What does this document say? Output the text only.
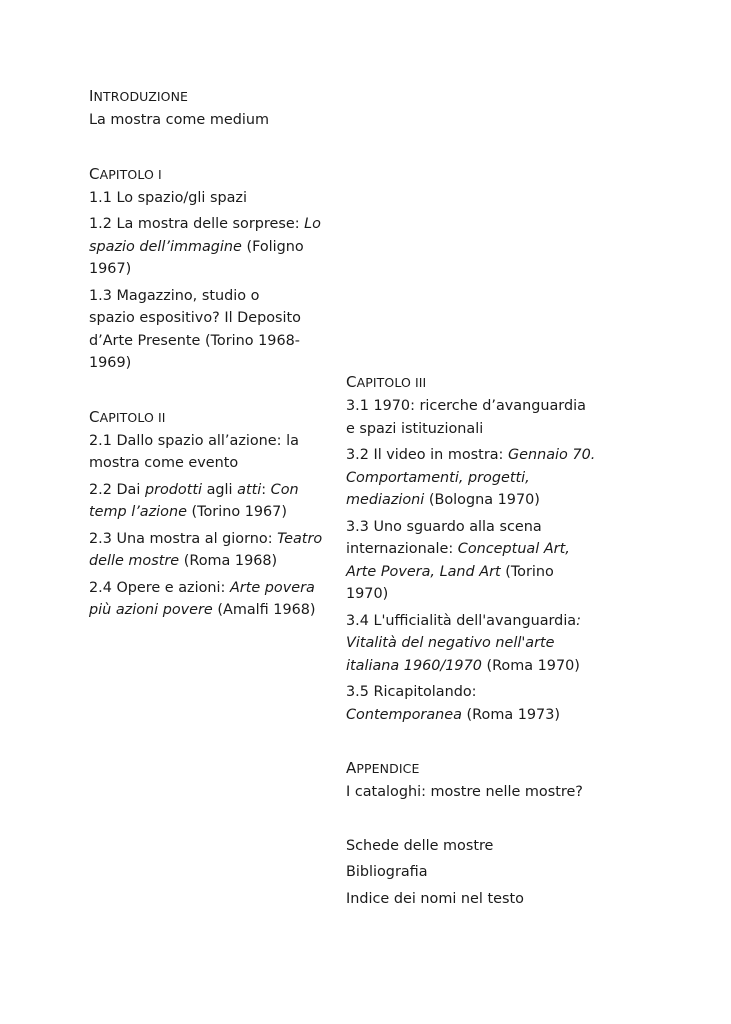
INTRODUZIONE

La mostra come medium

CAPITOLO I

1.1 Lo spazio/gli spazi

1.2 La mostra delle sorprese: Lo spazio dell’immagine (Foligno 1967)

1.3 Magazzino, studio o spazio espositivo? Il Deposito d’Arte Presente (Torino 1968-1969)

CAPITOLO II

2.1 Dallo spazio all’azione: la mostra come evento

2.2 Dai prodotti agli atti: Con temp l’azione (Torino 1967)

2.3 Una mostra al giorno: Teatro delle mostre (Roma 1968)

2.4 Opere e azioni: Arte povera più azioni povere (Amalfi 1968)

CAPITOLO III

3.1 1970: ricerche d’avanguardia e spazi istituzionali

3.2 Il video in mostra: Gennaio 70. Comportamenti, progetti, mediazioni (Bologna 1970)

3.3 Uno sguardo alla scena internazionale: Conceptual Art, Arte Povera, Land Art (Torino 1970)

3.4 L'ufficialità dell'avanguardia: Vitalità del negativo nell'arte italiana 1960/1970 (Roma 1970)

3.5 Ricapitolando: Contemporanea (Roma 1973)

APPENDICE

I cataloghi: mostre nelle mostre?

Schede delle mostre

Bibliografia

Indice dei nomi nel testo
